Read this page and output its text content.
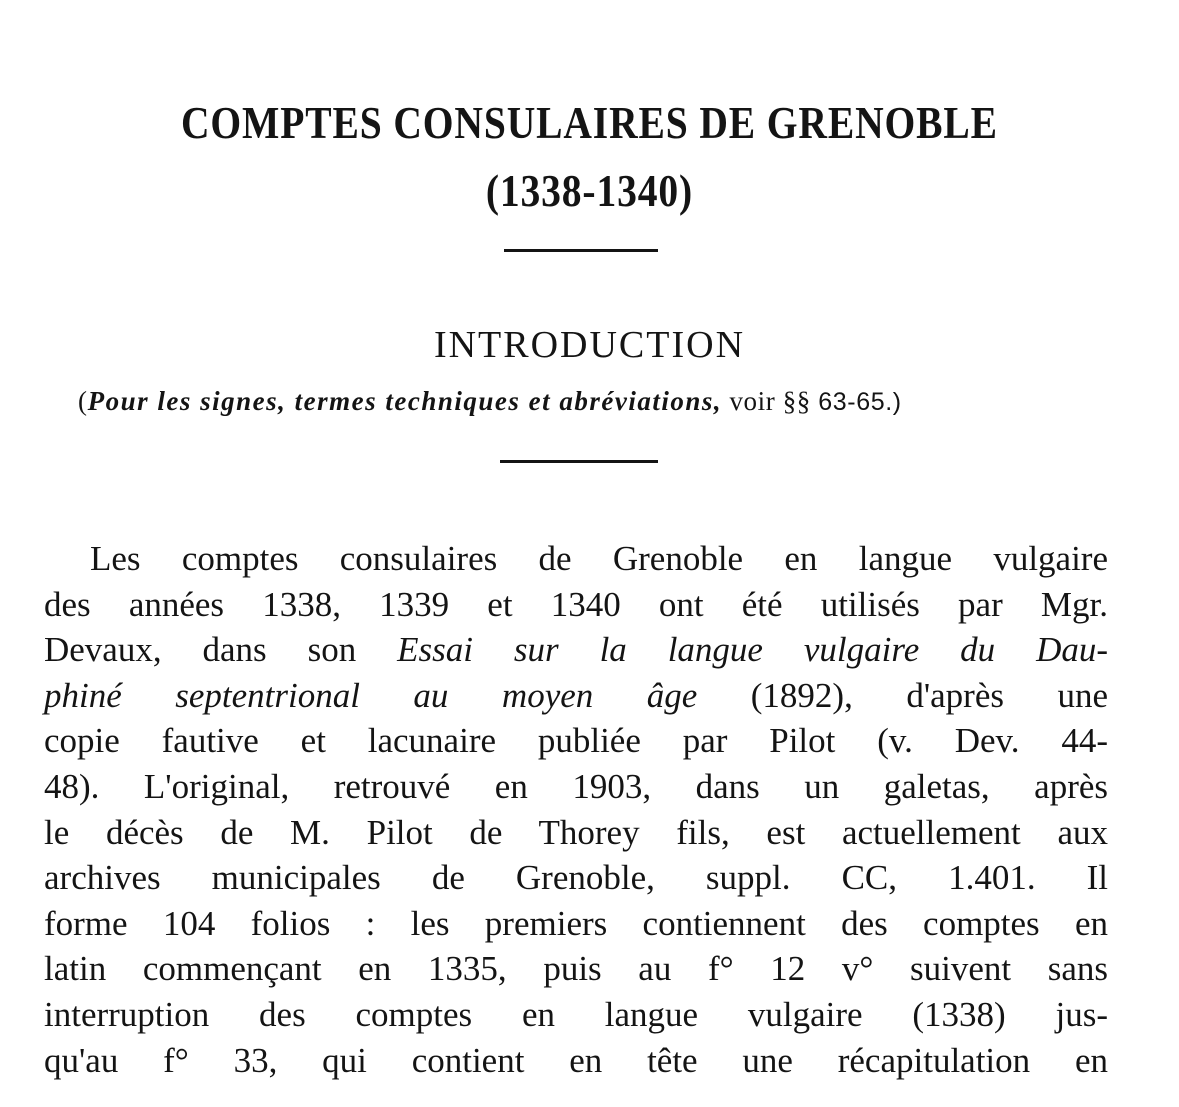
COMPTES CONSULAIRES DE GRENOBLE
(1338-1340)
INTRODUCTION
(Pour les signes, termes techniques et abréviations, voir §§ 63-65.)
Les comptes consulaires de Grenoble en langue vulgaire
des années 1338, 1339 et 1340 ont été utilisés par Mgr.
Devaux, dans son Essai sur la langue vulgaire du Dau-
phiné septentrional au moyen âge (1892), d'après une
copie fautive et lacunaire publiée par Pilot (v. Dev. 44-
48). L'original, retrouvé en 1903, dans un galetas, après
le décès de M. Pilot de Thorey fils, est actuellement aux
archives municipales de Grenoble, suppl. CC, 1.401. Il
forme 104 folios : les premiers contiennent des comptes en
latin commençant en 1335, puis au f° 12 v° suivent sans
interruption des comptes en langue vulgaire (1338) jus-
qu'au f° 33, qui contient en tête une récapitulation en
